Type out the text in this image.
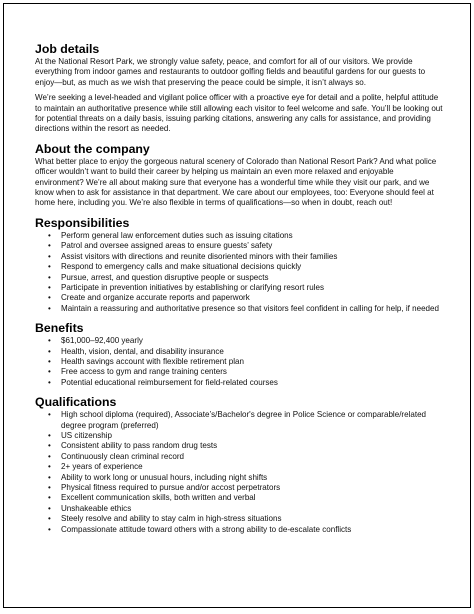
Job details

At the National Resort Park, we strongly value safety, peace, and comfort for all of our visitors. We provide everything from indoor games and restaurants to outdoor golfing fields and beautiful gardens for our guests to enjoy—but, as much as we wish that preserving the peace could be simple, it isn’t always so.

We’re seeking a level-headed and vigilant police officer with a proactive eye for detail and a polite, helpful attitude to maintain an authoritative presence while still allowing each visitor to feel welcome and safe. You’ll be looking out for potential threats on a daily basis, issuing parking citations, answering any calls for assistance, and providing directions within the resort as needed.

About the company

What better place to enjoy the gorgeous natural scenery of Colorado than National Resort Park? And what police officer wouldn’t want to build their career by helping us maintain an even more relaxed and enjoyable environment? We’re all about making sure that everyone has a wonderful time while they visit our park, and we know when to ask for assistance in that department. We care about our employees, too: Everyone should feel at home here, including you. We’re also flexible in terms of qualifications—so when in doubt, reach out!

Responsibilities
• Perform general law enforcement duties such as issuing citations
• Patrol and oversee assigned areas to ensure guests’ safety
• Assist visitors with directions and reunite disoriented minors with their families
• Respond to emergency calls and make situational decisions quickly
• Pursue, arrest, and question disruptive people or suspects
• Participate in prevention initiatives by establishing or clarifying resort rules
• Create and organize accurate reports and paperwork
• Maintain a reassuring and authoritative presence so that visitors feel confident in calling for help, if needed
Benefits
• $61,000–92,400 yearly
• Health, vision, dental, and disability insurance
• Health savings account with flexible retirement plan
• Free access to gym and range training centers
• Potential educational reimbursement for field-related courses
Qualifications
• High school diploma (required), Associate’s/Bachelor's degree in Police Science or comparable/related degree program (preferred)
• US citizenship
• Consistent ability to pass random drug tests
• Continuously clean criminal record
• 2+ years of experience
• Ability to work long or unusual hours, including night shifts
• Physical fitness required to pursue and/or accost perpetrators
• Excellent communication skills, both written and verbal
• Unshakeable ethics
• Steely resolve and ability to stay calm in high-stress situations
• Compassionate attitude toward others with a strong ability to de-escalate conflicts
